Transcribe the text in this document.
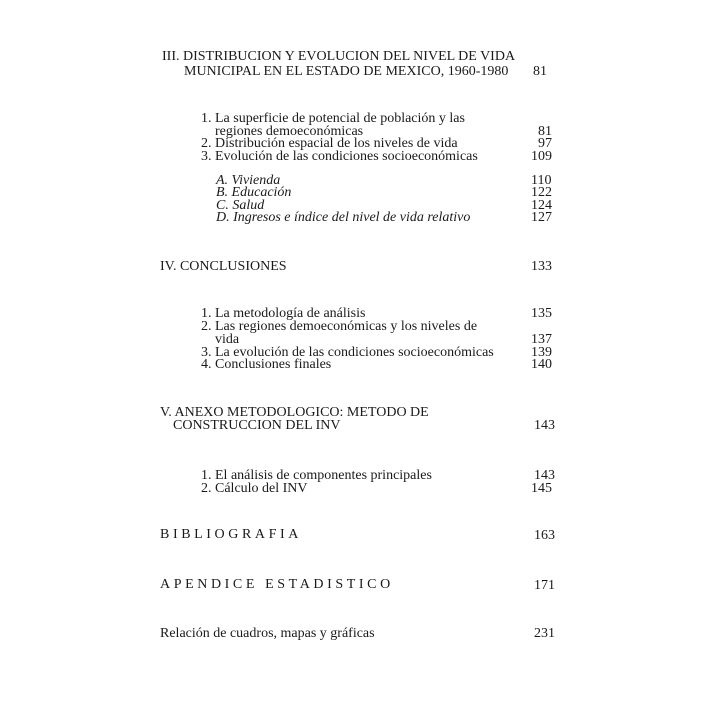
III. DISTRIBUCION Y EVOLUCION DEL NIVEL DE VIDA
MUNICIPAL EN EL ESTADO DE MEXICO, 1960-1980 81
1. La superficie de potencial de población y las
regiones demoeconómicas	81
2. Distribución espacial de los niveles de vida	97
3. Evolución de las condiciones socioeconómicas	109
A. Vivienda	110
B. Educación	122
C. Salud	124
D. Ingresos e índice del nivel de vida relativo	127
IV. CONCLUSIONES	133
1. La metodología de análisis	135
2. Las regiones demoeconómicas y los niveles de
vida	137
3. La evolución de las condiciones socioeconómicas	139
4. Conclusiones finales	140
V. ANEXO METODOLOGICO: METODO DE
CONSTRUCCION DEL INV	143
1. El análisis de componentes principales	143
2. Cálculo del INV	145
BIBLIOGRAFIA	163
APENDICE ESTADISTICO	171
Relación de cuadros, mapas y gráficas	231
